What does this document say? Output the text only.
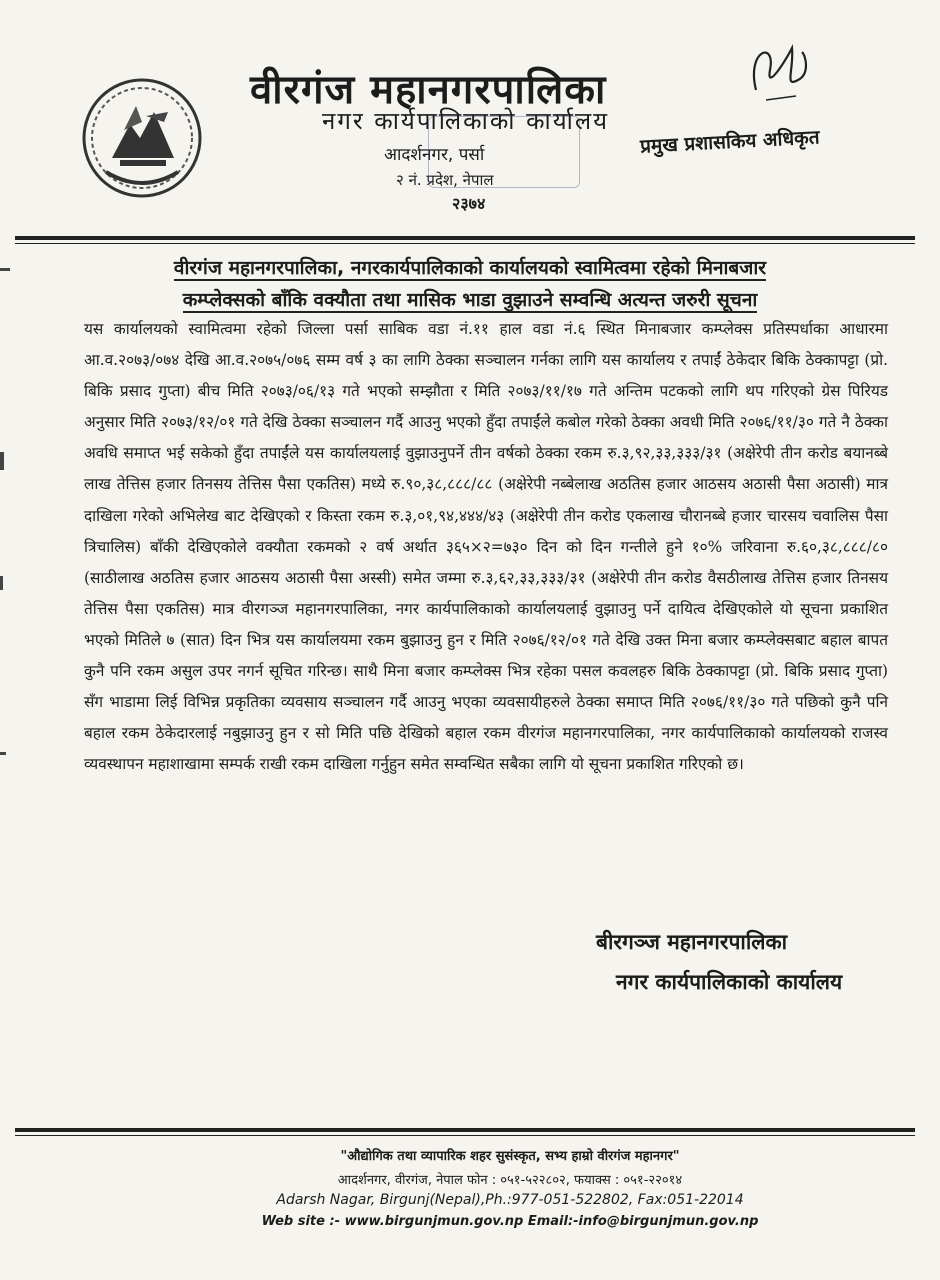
वीरगंज महानगरपालिका
नगर कार्यपालिकाको कार्यालय
आदर्शनगर, पर्सा
२ नं. प्रदेश, नेपाल
२३७४
प्रमुख प्रशासकिय अधिकृत
वीरगंज महानगरपालिका, नगरकार्यपालिकाको कार्यालयको स्वामित्वमा रहेको मिनाबजार
कम्प्लेक्सको बाँकि वक्यौता तथा मासिक भाडा वुझाउने सम्वन्धि अत्यन्त जरुरी सूचना
यस कार्यालयको स्वामित्वमा रहेको जिल्ला पर्सा साबिक वडा नं.११ हाल वडा नं.६ स्थित मिनाबजार कम्प्लेक्स प्रतिस्पर्धाका आधारमा आ.व.२०७३/०७४ देखि आ.व.२०७५/०७६ सम्म वर्ष ३ का लागि ठेक्का सञ्चालन गर्नका लागि यस कार्यालय र तपाईं ठेकेदार बिकि ठेक्कापट्टा (प्रो. बिकि प्रसाद गुप्ता) बीच मिति २०७३/०६/१३ गते भएको सम्झौता र मिति २०७३/११/१७ गते अन्तिम पटकको लागि थप गरिएको ग्रेस पिरियड अनुसार मिति २०७३/१२/०१ गते देखि ठेक्का सञ्चालन गर्दै आउनु भएको हुँदा तपाईंले कबोल गरेको ठेक्का अवधी मिति २०७६/११/३० गते नै ठेक्का अवधि समाप्त भई सकेको हुँदा तपाईंले यस कार्यालयलाई वुझाउनुपर्ने तीन वर्षको ठेक्का रकम रु.३,९२,३३,३३३/३१ (अक्षेरेपी तीन करोड बयानब्बे लाख तेत्तिस हजार तिनसय तेत्तिस पैसा एकतिस) मध्ये रु.९०,३८,८८८/८८ (अक्षेरेपी नब्बेलाख अठतिस हजार आठसय अठासी पैसा अठासी) मात्र दाखिला गरेको अभिलेख बाट देखिएको र किस्ता रकम रु.३,०१,९४,४४४/४३ (अक्षेरेपी तीन करोड एकलाख चौरानब्बे हजार चारसय चवालिस पैसा त्रिचालिस) बाँकी देखिएकोले वक्यौता रकमको २ वर्ष अर्थात ३६५×२=७३० दिन को दिन गन्तीले हुने १०% जरिवाना रु.६०,३८,८८८/८० (साठीलाख अठतिस हजार आठसय अठासी पैसा अस्सी) समेत जम्मा रु.३,६२,३३,३३३/३१ (अक्षेरेपी तीन करोड वैसठीलाख तेत्तिस हजार तिनसय तेत्तिस पैसा एकतिस) मात्र वीरगञ्ज महानगरपालिका, नगर कार्यपालिकाको कार्यालयलाई वुझाउनु पर्ने दायित्व देखिएकोले यो सूचना प्रकाशित भएको मितिले ७ (सात) दिन भित्र यस कार्यालयमा रकम बुझाउनु हुन र मिति २०७६/१२/०१ गते देखि उक्त मिना बजार कम्प्लेक्सबाट बहाल बापत कुनै पनि रकम असुल उपर नगर्न सूचित गरिन्छ। साथै मिना बजार कम्प्लेक्स भित्र रहेका पसल कवलहरु बिकि ठेक्कापट्टा (प्रो. बिकि प्रसाद गुप्ता) सँग भाडामा लिई विभिन्न प्रकृतिका व्यवसाय सञ्चालन गर्दै आउनु भएका व्यवसायीहरुले ठेक्का समाप्त मिति २०७६/११/३० गते पछिको कुनै पनि बहाल रकम ठेकेदारलाई नबुझाउनु हुन र सो मिति पछि देखिको बहाल रकम वीरगंज महानगरपालिका, नगर कार्यपालिकाको कार्यालयको राजस्व व्यवस्थापन महाशाखामा सम्पर्क राखी रकम दाखिला गर्नुहुन समेत सम्वन्धित सबैका लागि यो सूचना प्रकाशित गरिएको छ।
बीरगञ्ज महानगरपालिका
नगर कार्यपालिकाको कार्यालय
"औद्योगिक तथा व्यापारिक शहर सुसंस्कृत, सभ्य हाम्रो वीरगंज महानगर"
आदर्शनगर, वीरगंज, नेपाल फोन : ०५१-५२२८०२, फयाक्स : ०५१-२२०१४
Adarsh Nagar, Birgunj(Nepal),Ph.:977-051-522802, Fax:051-22014
Web site :- www.birgunjmun.gov.np Email:-info@birgunjmun.gov.np
